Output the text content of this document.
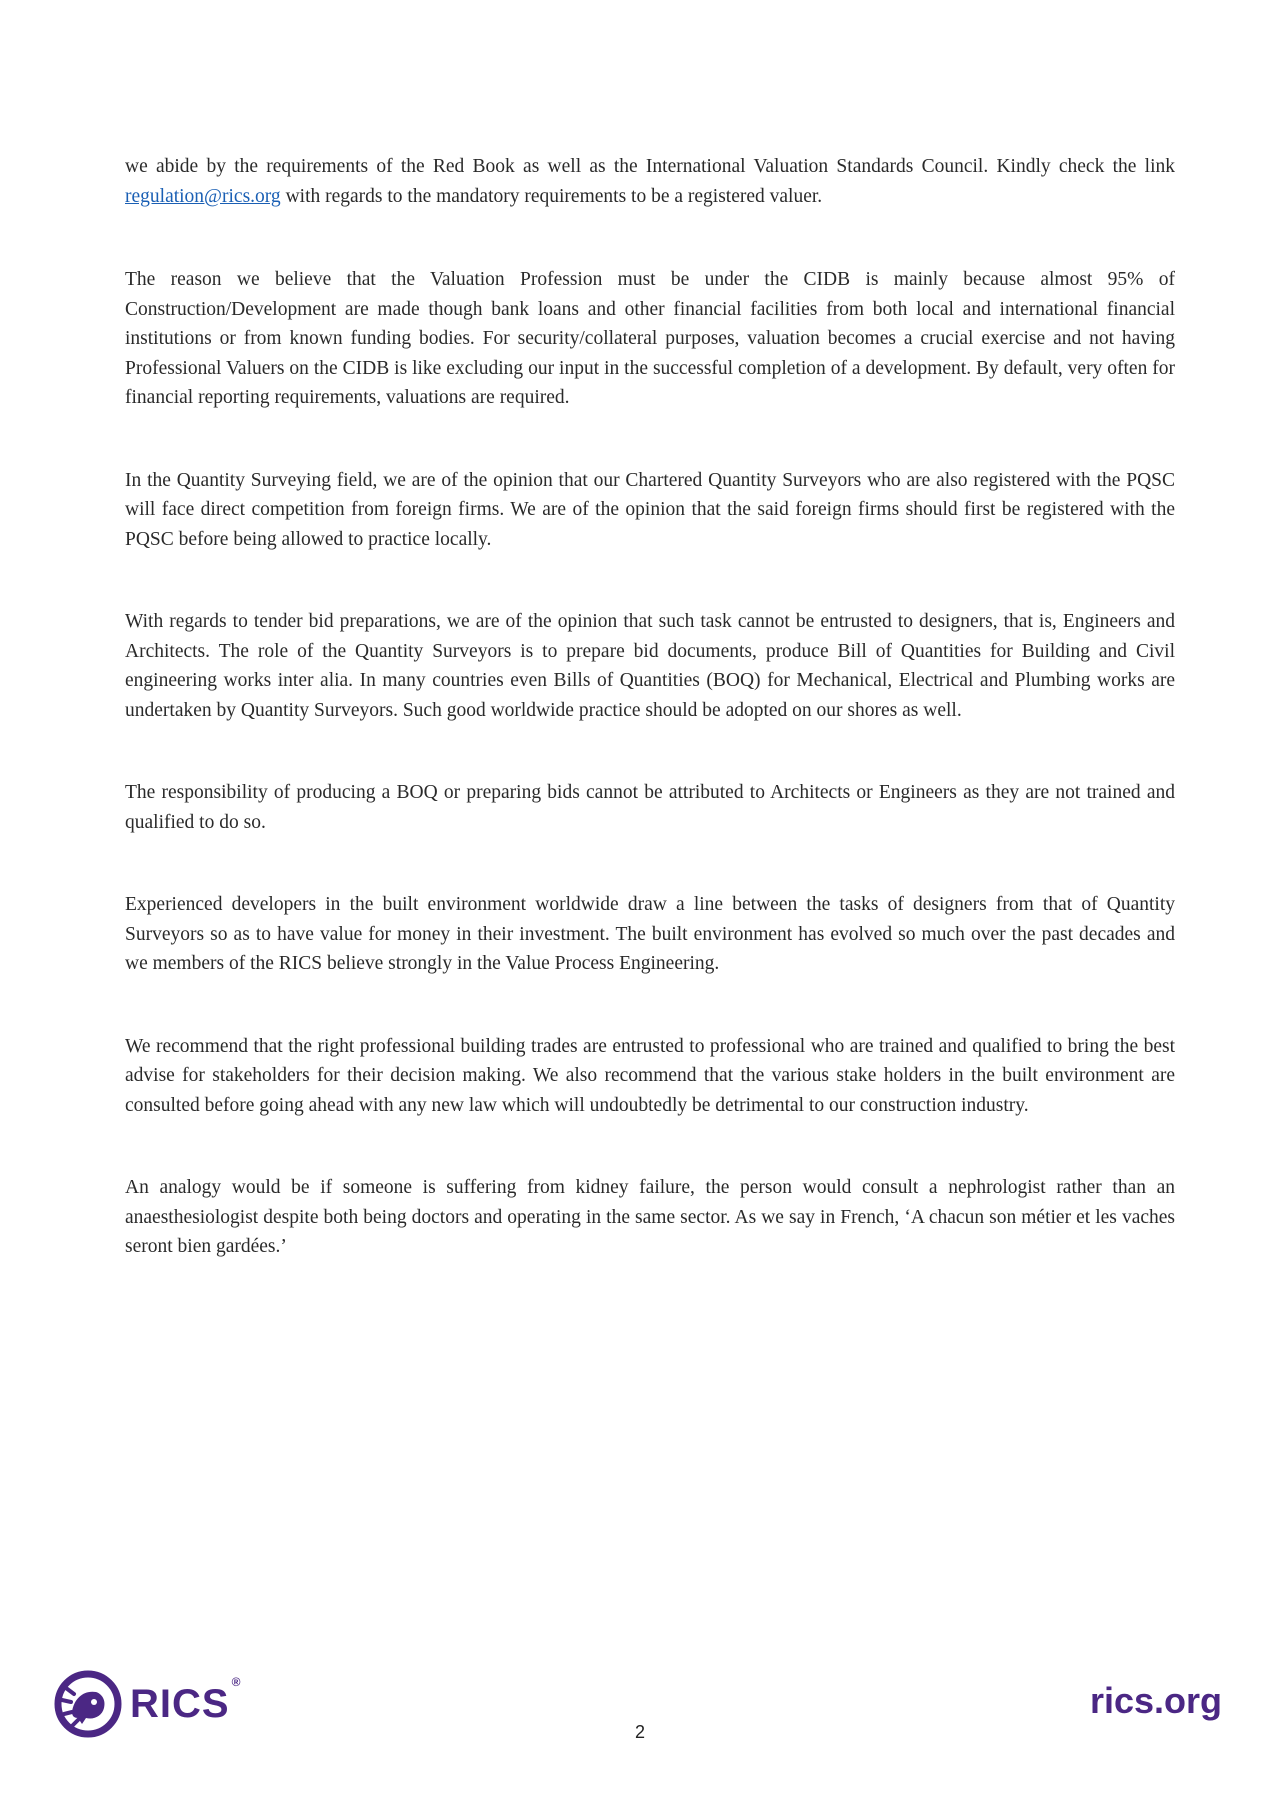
we abide by the requirements of the Red Book as well as the International Valuation Standards Council. Kindly check the link regulation@rics.org with regards to the mandatory requirements to be a registered valuer.

The reason we believe that the Valuation Profession must be under the CIDB is mainly because almost 95% of Construction/Development are made though bank loans and other financial facilities from both local and international financial institutions or from known funding bodies. For security/collateral purposes, valuation becomes a crucial exercise and not having Professional Valuers on the CIDB is like excluding our input in the successful completion of a development. By default, very often for financial reporting requirements, valuations are required.

In the Quantity Surveying field, we are of the opinion that our Chartered Quantity Surveyors who are also registered with the PQSC will face direct competition from foreign firms. We are of the opinion that the said foreign firms should first be registered with the PQSC before being allowed to practice locally.

With regards to tender bid preparations, we are of the opinion that such task cannot be entrusted to designers, that is, Engineers and Architects. The role of the Quantity Surveyors is to prepare bid documents, produce Bill of Quantities for Building and Civil engineering works inter alia. In many countries even Bills of Quantities (BOQ) for Mechanical, Electrical and Plumbing works are undertaken by Quantity Surveyors. Such good worldwide practice should be adopted on our shores as well.

The responsibility of producing a BOQ or preparing bids cannot be attributed to Architects or Engineers as they are not trained and qualified to do so.

Experienced developers in the built environment worldwide draw a line between the tasks of designers from that of Quantity Surveyors so as to have value for money in their investment. The built environment has evolved so much over the past decades and we members of the RICS believe strongly in the Value Process Engineering.

We recommend that the right professional building trades are entrusted to professional who are trained and qualified to bring the best advise for stakeholders for their decision making. We also recommend that the various stake holders in the built environment are consulted before going ahead with any new law which will undoubtedly be detrimental to our construction industry.

An analogy would be if someone is suffering from kidney failure, the person would consult a nephrologist rather than an anaesthesiologist despite both being doctors and operating in the same sector. As we say in French, ‘A chacun son métier et les vaches seront bien gardées.’

RICS ®
2
rics.org
